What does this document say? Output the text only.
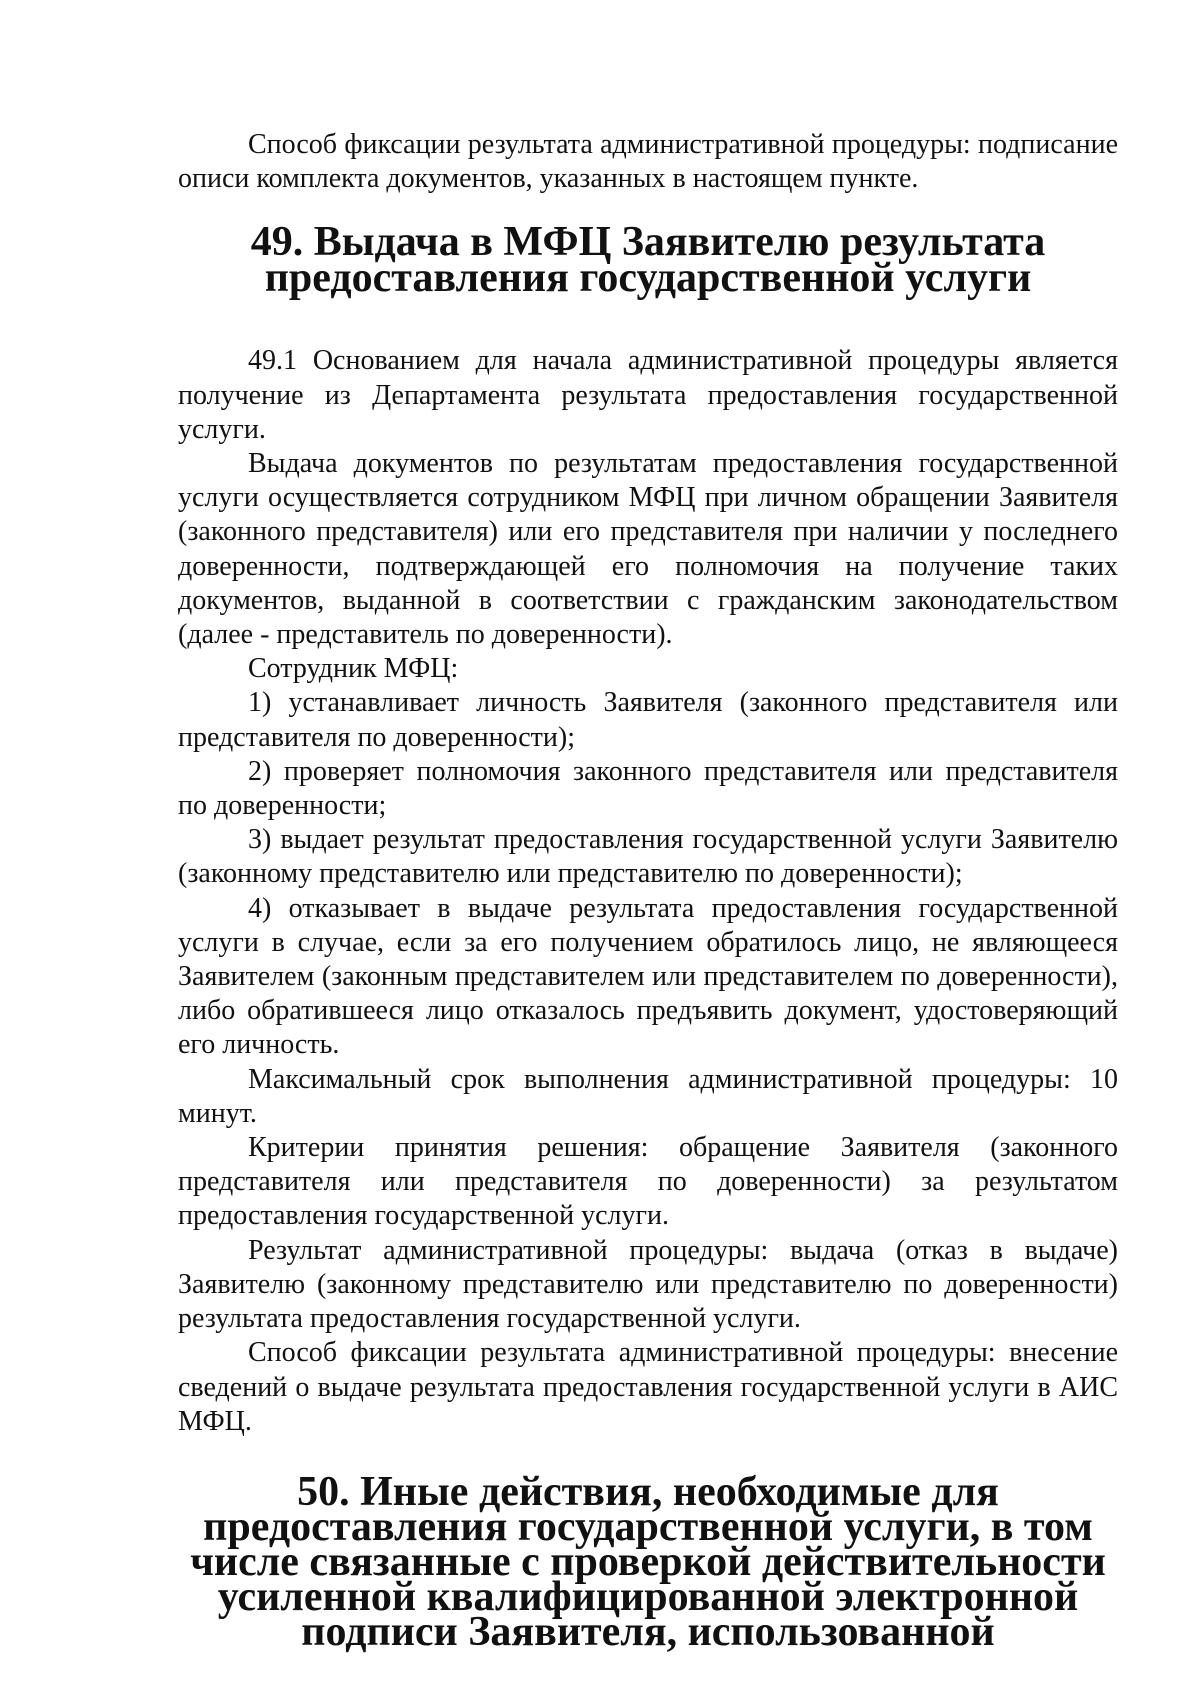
Способ фиксации результата административной процедуры: подписание описи комплекта документов, указанных в настоящем пункте.

49. Выдача в МФЦ Заявителю результата предоставления государственной услуги

49.1 Основанием для начала административной процедуры является получение из Департамента результата предоставления государственной услуги.

Выдача документов по результатам предоставления государственной услуги осуществляется сотрудником МФЦ при личном обращении Заявителя (законного представителя) или его представителя при наличии у последнего доверенности, подтверждающей его полномочия на получение таких документов, выданной в соответствии с гражданским законодательством (далее - представитель по доверенности).

Сотрудник МФЦ:

1) устанавливает личность Заявителя (законного представителя или представителя по доверенности);

2) проверяет полномочия законного представителя или представителя по доверенности;

3) выдает результат предоставления государственной услуги Заявителю (законному представителю или представителю по доверенности);

4) отказывает в выдаче результата предоставления государственной услуги в случае, если за его получением обратилось лицо, не являющееся Заявителем (законным представителем или представителем по доверенности), либо обратившееся лицо отказалось предъявить документ, удостоверяющий его личность.

Максимальный срок выполнения административной процедуры: 10 минут.

Критерии принятия решения: обращение Заявителя (законного представителя или представителя по доверенности) за результатом предоставления государственной услуги.

Результат административной процедуры: выдача (отказ в выдаче) Заявителю (законному представителю или представителю по доверенности) результата предоставления государственной услуги.

Способ фиксации результата административной процедуры: внесение сведений о выдаче результата предоставления государственной услуги в АИС МФЦ.

50. Иные действия, необходимые для предоставления государственной услуги, в том числе связанные с проверкой действительности усиленной квалифицированной электронной подписи Заявителя, использованной
